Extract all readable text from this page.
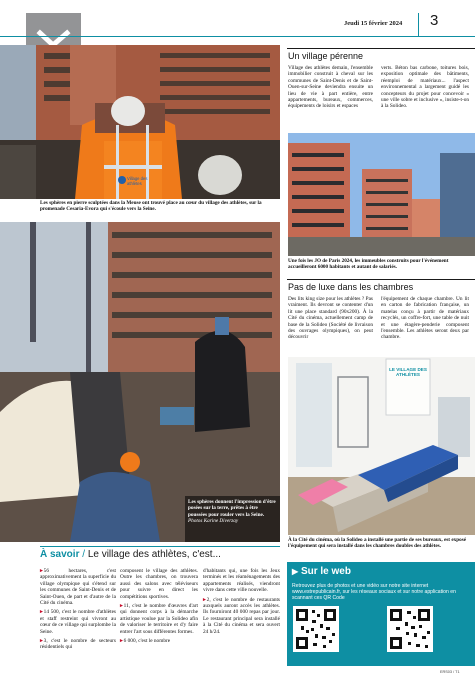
Jeudi 15 février 2024 3
Village des athlètes
Les sphères en pierre sculptées dans la Meuse ont trouvé place au cœur du village des athlètes, sur la promenade Cesaria-Evora qui s'écoule vers la Seine.
Les sphères donnent l'impression d'être posées sur la terre, prêtes à être poussées pour rouler vers la Seine. Photos Karine Diverzay
Un village pérenne
Village des athlètes demain, l'ensemble immobilier construit à cheval sur les communes de Saint-Denis et de Saint-Ouen-sur-Seine deviendra ensuite un lieu de vie à part entière, entre appartements, bureaux, commerces, équipements de loisirs et espaces
verts. Béton bas carbone, toitures bois, exposition optimale des bâtiments, réemploi de matériaux... l'aspect environnemental a largement guidé les concepteurs du projet pour concevoir « une ville sobre et inclusive », insiste-t-on à la Solideo.
Une fois les JO de Paris 2024, les immeubles construits pour l'événement accueilleront 6000 habitants et autant de salariés.
Pas de luxe dans les chambres
Des lits king size pour les athlètes ? Pas vraiment. Ils devront se contenter d'un lit une place standard (90x200). À la Cité du cinéma, actuellement camp de base de la Solideo (Société de livraison des ouvrages olympiques), on peut découvrir
l'équipement de chaque chambre. Un lit en carton de fabrication française, un matelas conçu à partir de matériaux recyclés, un coffre-fort, une table de nuit et une étagère-penderie composent l'ensemble. Les athlètes seront deux par chambre.
LE VILLAGE DES ATHLÈTES
À la Cité du cinéma, où la Solideo a installé une partie de ses bureaux, est exposé l'équipement qui sera installé dans les chambres doubles des athlètes.
À savoir / Le village des athlètes, c'est...

▸56 hectares, c'est approximativement la superficie du village olympique qui s'étend sur les communes de Saint-Denis et de Saint-Ouen, de part et d'autre de la Cité du cinéma.

▸14 500, c'est le nombre d'athlètes et staff restreint qui vivront au cœur de ce village qui surplombe la Seine.

▸3, c'est le nombre de secteurs résidentiels qui

composent le village des athlètes. Outre les chambres, on trouvera aussi des salons avec téléviseurs pour suivre en direct les compétitions sportives.

▸11, c'est le nombre d'œuvres d'art qui donnent corps à la démarche artistique voulue par la Solideo afin de valoriser le territoire et d'y faire entrer l'art sous différentes formes.

▸6 000, c'est le nombre

d'habitants qui, une fois les Jeux terminés et les réaménagements des appartements réalisés, viendront vivre dans cette ville nouvelle.

▸2, c'est le nombre de restaurants auxquels auront accès les athlètes. Ils fourniront 40 000 repas par jour. Le restaurant principal sera installé à la Cité du cinéma et sera ouvert 24 h/24.

▶ Sur le web
Retrouvez plus de photos et une vidéo sur notre site internet www.estrepublicain.fr, sur les réseaux sociaux et sur notre application en scannant ces QR Code
ERS03 / T1
